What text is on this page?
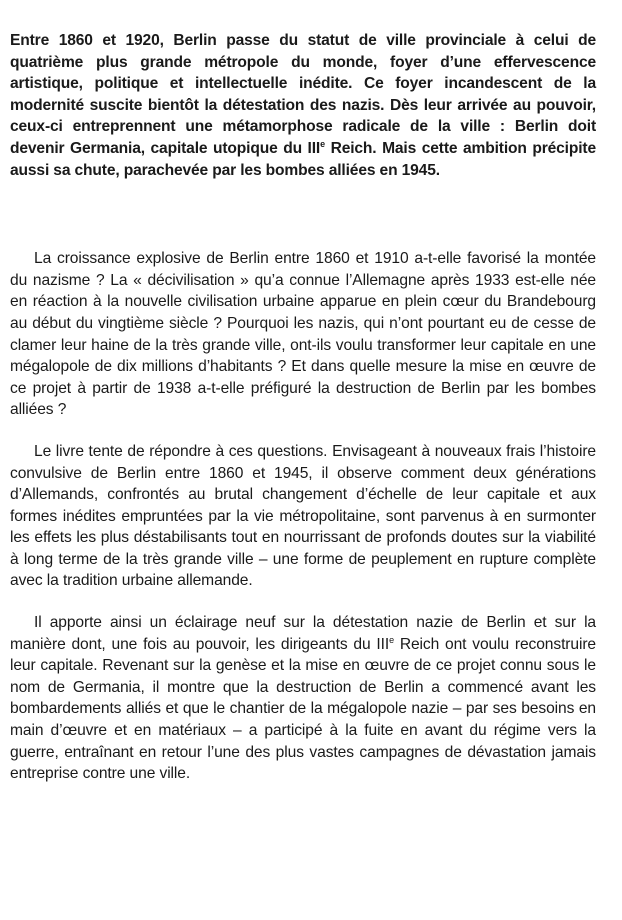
Entre 1860 et 1920, Berlin passe du statut de ville provinciale à celui de quatrième plus grande métropole du monde, foyer d’une effervescence artistique, politique et intellectuelle inédite. Ce foyer incandescent de la modernité suscite bientôt la détestation des nazis. Dès leur arrivée au pouvoir, ceux-ci entreprennent une métamorphose radicale de la ville : Berlin doit devenir Germania, capitale utopique du IIIe Reich. Mais cette ambition précipite aussi sa chute, parachevée par les bombes alliées en 1945.

La croissance explosive de Berlin entre 1860 et 1910 a-t-elle favorisé la montée du nazisme ? La « décivilisation » qu’a connue l’Allemagne après 1933 est-elle née en réaction à la nouvelle civilisation urbaine apparue en plein cœur du Brandebourg au début du vingtième siècle ? Pourquoi les nazis, qui n’ont pourtant eu de cesse de clamer leur haine de la très grande ville, ont-ils voulu transformer leur capitale en une mégalopole de dix millions d’habitants ? Et dans quelle mesure la mise en œuvre de ce projet à partir de 1938 a-t-elle préfiguré la destruction de Berlin par les bombes alliées ?

Le livre tente de répondre à ces questions. Envisageant à nouveaux frais l’histoire convulsive de Berlin entre 1860 et 1945, il observe comment deux générations d’Allemands, confrontés au brutal changement d’échelle de leur capitale et aux formes inédites empruntées par la vie métropolitaine, sont parvenus à en surmonter les effets les plus déstabilisants tout en nourrissant de profonds doutes sur la viabilité à long terme de la très grande ville – une forme de peuplement en rupture complète avec la tradition urbaine allemande.

Il apporte ainsi un éclairage neuf sur la détestation nazie de Berlin et sur la manière dont, une fois au pouvoir, les dirigeants du IIIe Reich ont voulu reconstruire leur capitale. Revenant sur la genèse et la mise en œuvre de ce projet connu sous le nom de Germania, il montre que la destruction de Berlin a commencé avant les bombardements alliés et que le chantier de la mégalopole nazie – par ses besoins en main d’œuvre et en matériaux – a participé à la fuite en avant du régime vers la guerre, entraînant en retour l’une des plus vastes campagnes de dévastation jamais entreprise contre une ville.
